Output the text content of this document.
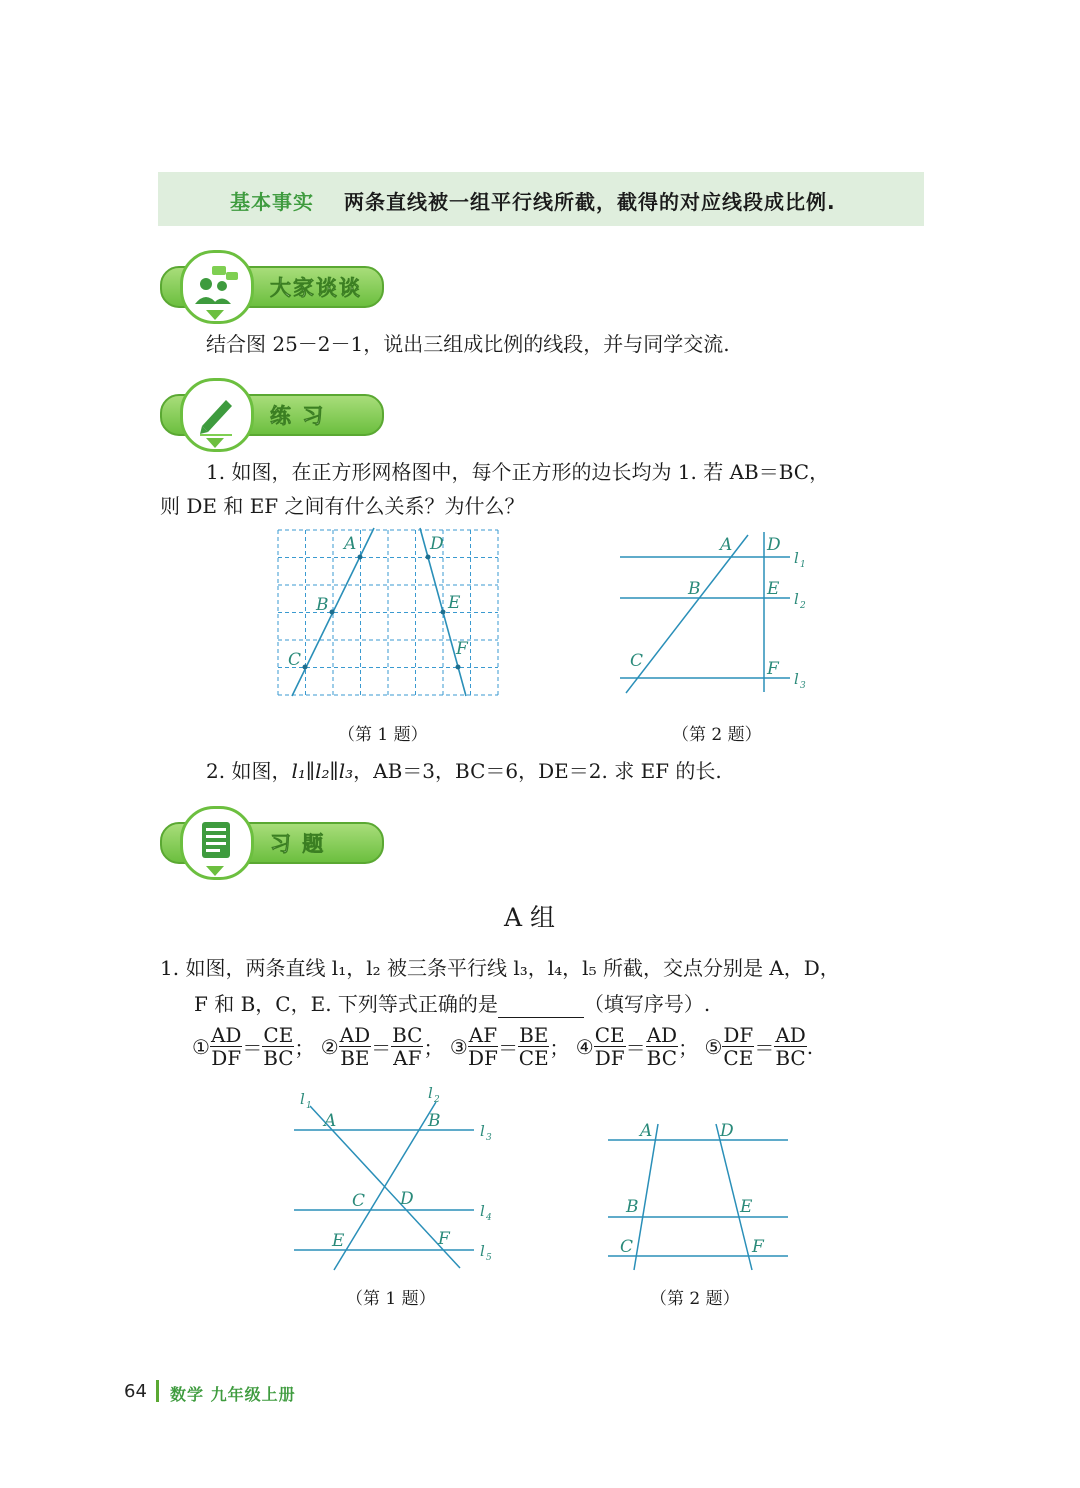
基本事实 两条直线被一组平行线所截，截得的对应线段成比例.
大家谈谈
结合图 25－2－1，说出三组成比例的线段，并与同学交流.
练 习
1. 如图，在正方形网格图中，每个正方形的边长均为 1. 若 AB＝BC，
则 DE 和 EF 之间有什么关系？为什么？
A
B
C
D
E
F
（第 1 题）
A
B
C
D
E
F
l 1
l 2
l 3
（第 2 题）
2. 如图，l₁∥l₂∥l₃，AB＝3，BC＝6，DE＝2. 求 EF 的长.
习 题
A 组
1. 如图，两条直线 l₁，l₂ 被三条平行线 l₃，l₄，l₅ 所截，交点分别是 A，D，
F 和 B，C，E. 下列等式正确的是	（填写序号）.
① $\frac{AD}{DF} = \frac{CE}{BC}$ ； ② $\frac{AD}{BE} = \frac{BC}{AF}$ ； ③ $\frac{AF}{DF} = \frac{BE}{CE}$ ； ④ $\frac{CE}{DF} = \frac{AD}{BC}$ ； ⑤ $\frac{DF}{CE} = \frac{AD}{BC}$ .
l 1
l 2
A	B
C D
E	F
l 3
l 4
l 5
（第 1 题）
A	D
B	E
C	F
（第 2 题）
64 数学 九年级上册
